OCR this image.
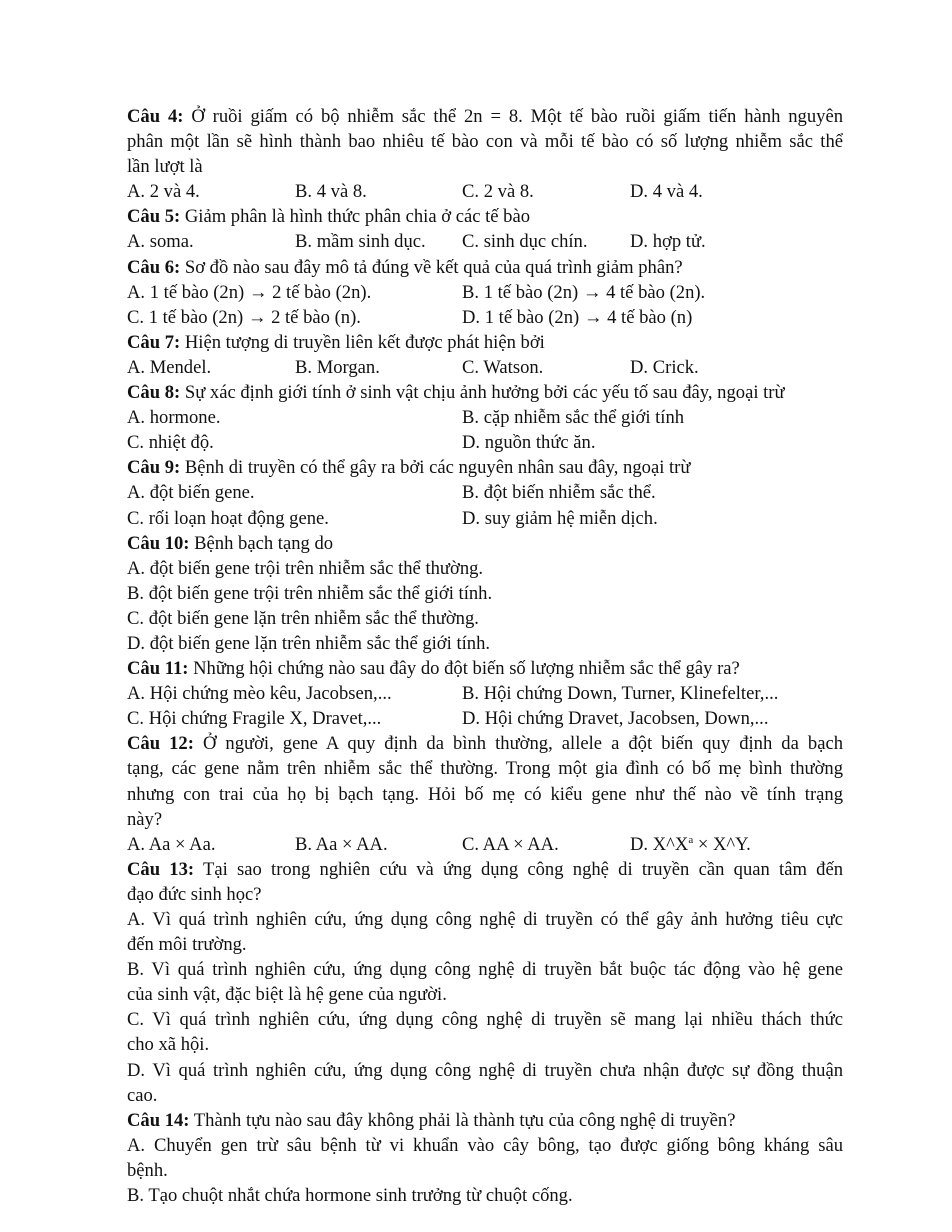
Câu 4: Ở ruồi giấm có bộ nhiễm sắc thể 2n = 8. Một tế bào ruồi giấm tiến hành nguyên
phân một lần sẽ hình thành bao nhiêu tế bào con và mỗi tế bào có số lượng nhiễm sắc thể
lần lượt là
A. 2 và 4.	B. 4 và 8.	C. 2 và 8.	D. 4 và 4.
Câu 5: Giảm phân là hình thức phân chia ở các tế bào
A. soma.	B. mầm sinh dục. C. sinh dục chín. D. hợp tử.
Câu 6: Sơ đồ nào sau đây mô tả đúng về kết quả của quá trình giảm phân?
A. 1 tế bào (2n) → 2 tế bào (2n).	B. 1 tế bào (2n) → 4 tế bào (2n).
C. 1 tế bào (2n) → 2 tế bào (n).	D. 1 tế bào (2n) → 4 tế bào (n)
Câu 7: Hiện tượng di truyền liên kết được phát hiện bởi
A. Mendel.	B. Morgan.	C. Watson.	D. Crick.
Câu 8: Sự xác định giới tính ở sinh vật chịu ảnh hưởng bởi các yếu tố sau đây, ngoại trừ
A. hormone.	B. cặp nhiễm sắc thể giới tính
C. nhiệt độ.	D. nguồn thức ăn.
Câu 9: Bệnh di truyền có thể gây ra bởi các nguyên nhân sau đây, ngoại trừ
A. đột biến gene.	B. đột biến nhiễm sắc thể.
C. rối loạn hoạt động gene.	D. suy giảm hệ miễn dịch.
Câu 10: Bệnh bạch tạng do
A. đột biến gene trội trên nhiễm sắc thể thường.
B. đột biến gene trội trên nhiễm sắc thể giới tính.
C. đột biến gene lặn trên nhiễm sắc thể thường.
D. đột biến gene lặn trên nhiễm sắc thể giới tính.
Câu 11: Những hội chứng nào sau đây do đột biến số lượng nhiễm sắc thể gây ra?
A. Hội chứng mèo kêu, Jacobsen,...	B. Hội chứng Down, Turner, Klinefelter,...
C. Hội chứng Fragile X, Dravet,...	D. Hội chứng Dravet, Jacobsen, Down,...
Câu 12: Ở người, gene A quy định da bình thường, allele a đột biến quy định da bạch
tạng, các gene nằm trên nhiễm sắc thể thường. Trong một gia đình có bố mẹ bình thường
nhưng con trai của họ bị bạch tạng. Hỏi bố mẹ có kiểu gene như thế nào về tính trạng
này?
A. Aa × Aa.	B. Aa × AA.	C. AA × AA.	D. $X\^{}X^a$ × X^Y.
Câu 13: Tại sao trong nghiên cứu và ứng dụng công nghệ di truyền cần quan tâm đến
đạo đức sinh học?
A. Vì quá trình nghiên cứu, ứng dụng công nghệ di truyền có thể gây ảnh hưởng tiêu cực
đến môi trường.
B. Vì quá trình nghiên cứu, ứng dụng công nghệ di truyền bắt buộc tác động vào hệ gene
của sinh vật, đặc biệt là hệ gene của người.
C. Vì quá trình nghiên cứu, ứng dụng công nghệ di truyền sẽ mang lại nhiều thách thức
cho xã hội.
D. Vì quá trình nghiên cứu, ứng dụng công nghệ di truyền chưa nhận được sự đồng thuận
cao.
Câu 14: Thành tựu nào sau đây không phải là thành tựu của công nghệ di truyền?
A. Chuyển gen trừ sâu bệnh từ vi khuẩn vào cây bông, tạo được giống bông kháng sâu
bệnh.
B. Tạo chuột nhắt chứa hormone sinh trưởng từ chuột cống.
